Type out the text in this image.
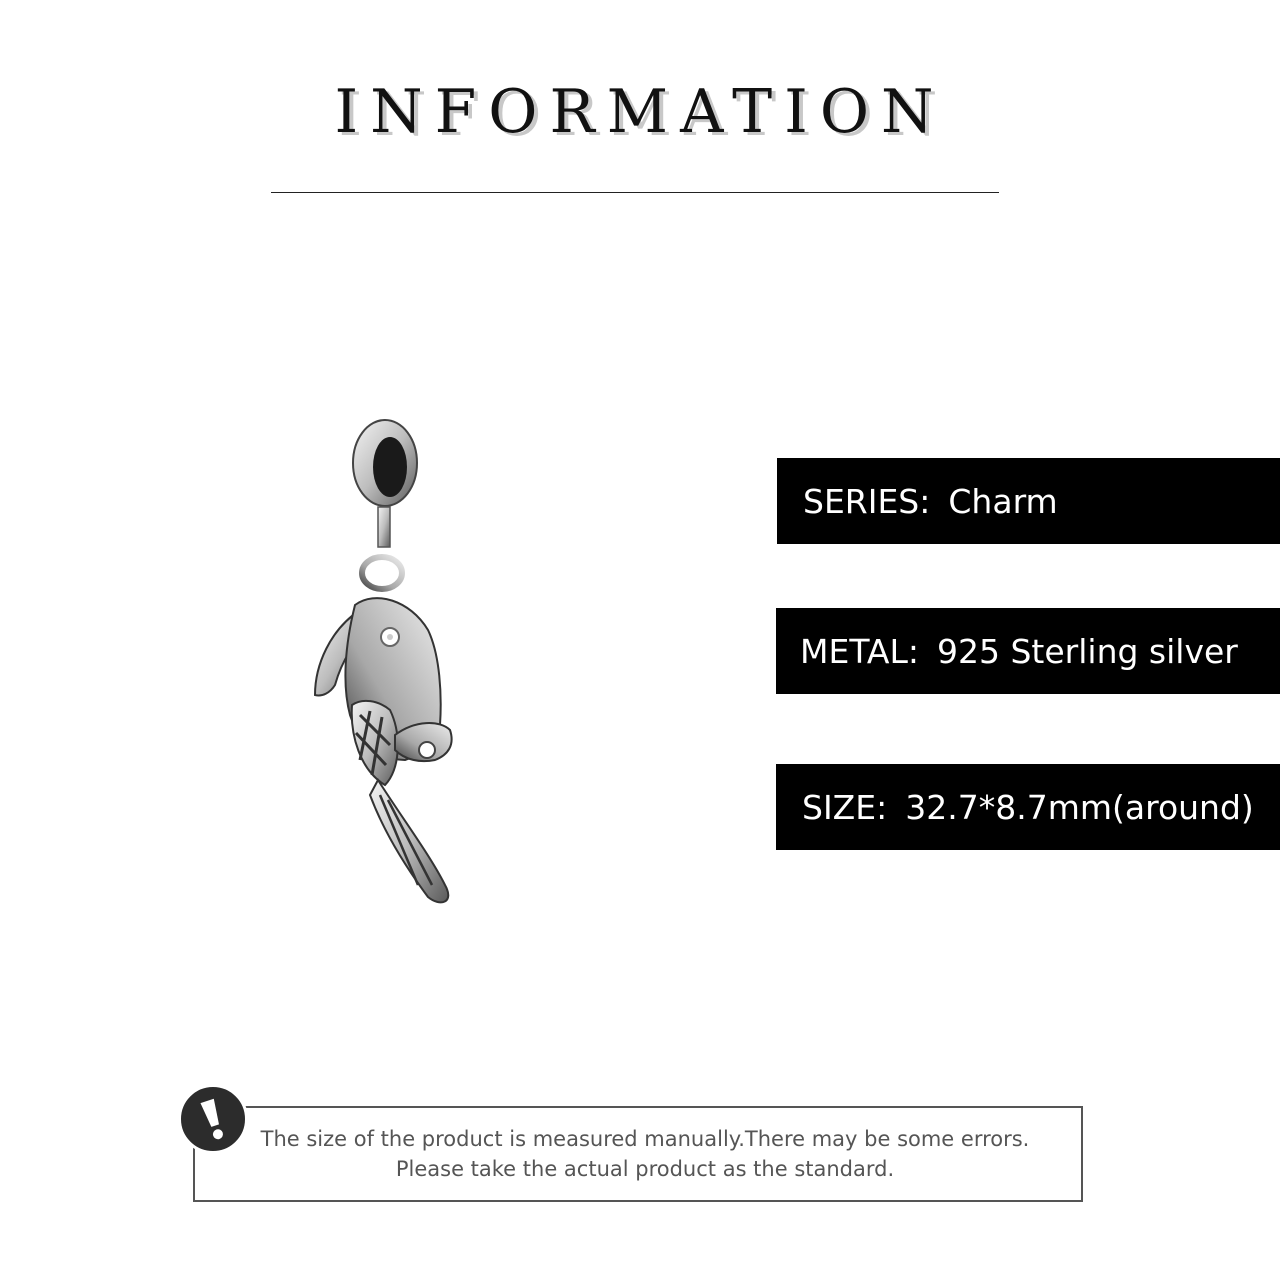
INFORMATION
SERIES: Charm
METAL: 925 Sterling silver
SIZE: 32.7*8.7mm(around)
The size of the product is measured manually.There may be some errors.
Please take the actual product as the standard.
